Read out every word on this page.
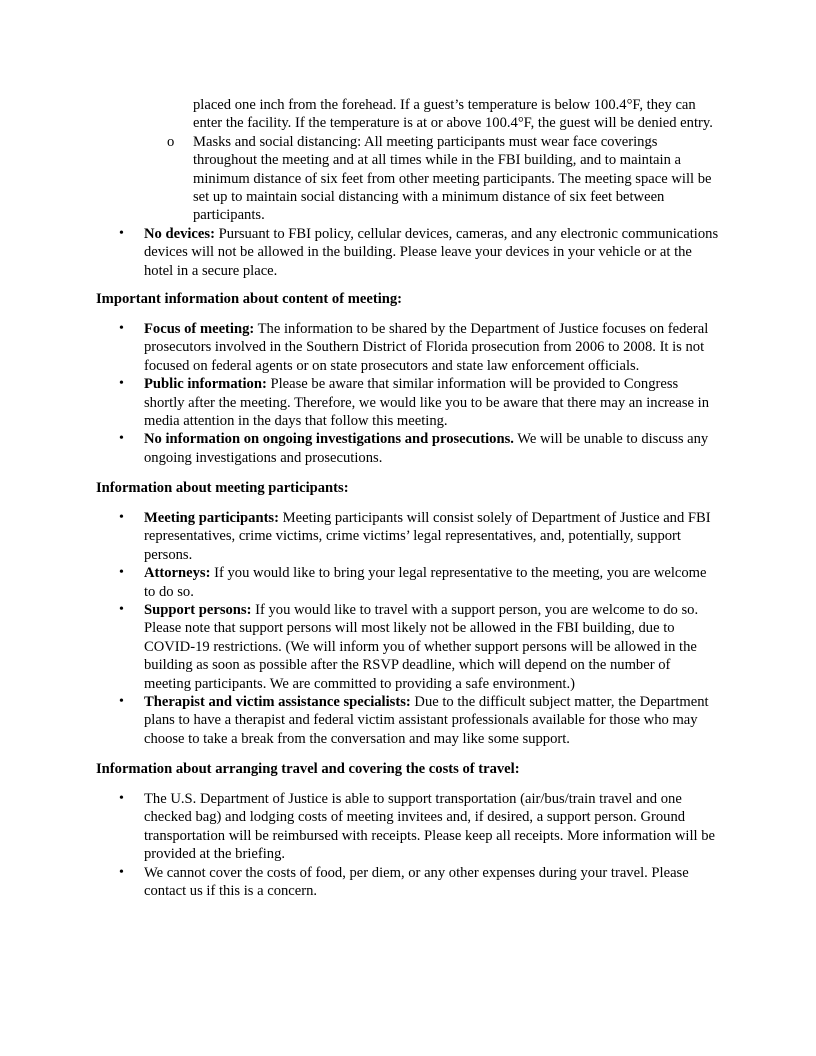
placed one inch from the forehead. If a guest’s temperature is below 100.4°F, they can enter the facility. If the temperature is at or above 100.4°F, the guest will be denied entry.
o Masks and social distancing: All meeting participants must wear face coverings throughout the meeting and at all times while in the FBI building, and to maintain a minimum distance of six feet from other meeting participants. The meeting space will be set up to maintain social distancing with a minimum distance of six feet between participants.
• No devices: Pursuant to FBI policy, cellular devices, cameras, and any electronic communications devices will not be allowed in the building. Please leave your devices in your vehicle or at the hotel in a secure place.
Important information about content of meeting:
• Focus of meeting: The information to be shared by the Department of Justice focuses on federal prosecutors involved in the Southern District of Florida prosecution from 2006 to 2008. It is not focused on federal agents or on state prosecutors and state law enforcement officials.
• Public information: Please be aware that similar information will be provided to Congress shortly after the meeting. Therefore, we would like you to be aware that there may an increase in media attention in the days that follow this meeting.
• No information on ongoing investigations and prosecutions. We will be unable to discuss any ongoing investigations and prosecutions.
Information about meeting participants:
• Meeting participants: Meeting participants will consist solely of Department of Justice and FBI representatives, crime victims, crime victims’ legal representatives, and, potentially, support persons.
• Attorneys: If you would like to bring your legal representative to the meeting, you are welcome to do so.
• Support persons: If you would like to travel with a support person, you are welcome to do so. Please note that support persons will most likely not be allowed in the FBI building, due to COVID-19 restrictions. (We will inform you of whether support persons will be allowed in the building as soon as possible after the RSVP deadline, which will depend on the number of meeting participants. We are committed to providing a safe environment.)
• Therapist and victim assistance specialists: Due to the difficult subject matter, the Department plans to have a therapist and federal victim assistant professionals available for those who may choose to take a break from the conversation and may like some support.
Information about arranging travel and covering the costs of travel:
• The U.S. Department of Justice is able to support transportation (air/bus/train travel and one checked bag) and lodging costs of meeting invitees and, if desired, a support person. Ground transportation will be reimbursed with receipts. Please keep all receipts. More information will be provided at the briefing.
• We cannot cover the costs of food, per diem, or any other expenses during your travel. Please contact us if this is a concern.
